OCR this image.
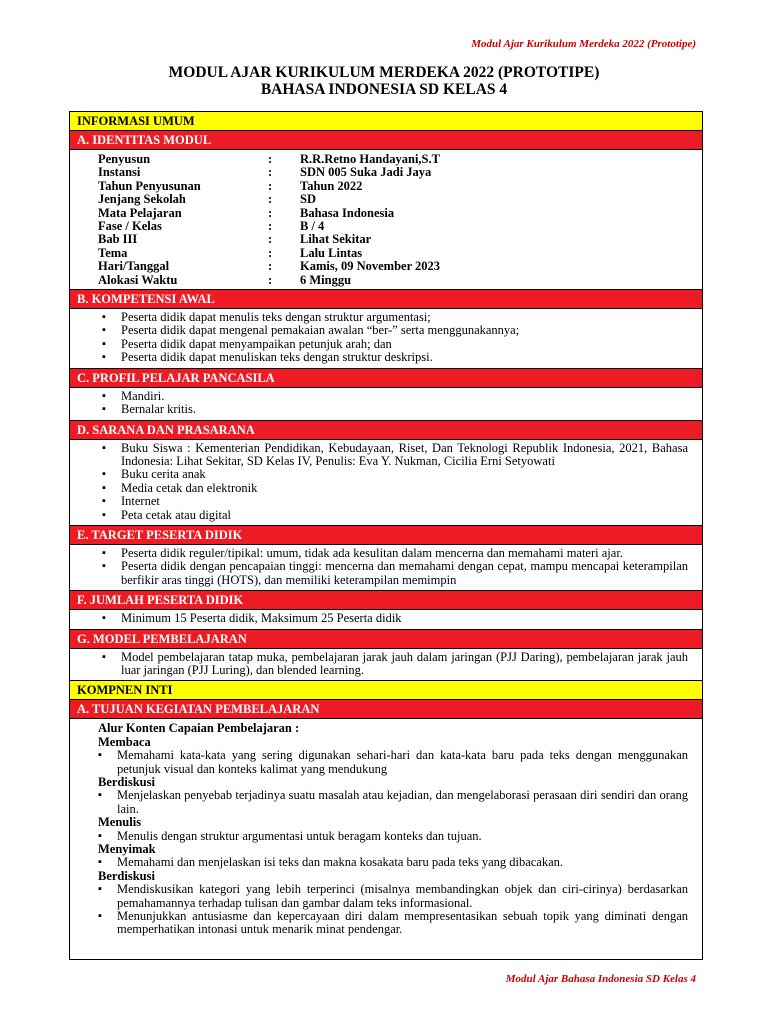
Modul Ajar Kurikulum Merdeka 2022 (Prototipe)
MODUL AJAR KURIKULUM MERDEKA 2022 (PROTOTIPE)
BAHASA INDONESIA SD KELAS 4
INFORMASI UMUM
A. IDENTITAS MODUL
Penyusun	:	R.R.Retno Handayani,S.T
Instansi	:	SDN 005 Suka Jadi Jaya
Tahun Penyusunan	:	Tahun 2022
Jenjang Sekolah	:	SD
Mata Pelajaran	:	Bahasa Indonesia
Fase / Kelas	:	B / 4
Bab III	:	Lihat Sekitar
Tema	:	Lalu Lintas
Hari/Tanggal	:	Kamis, 09 November 2023
Alokasi Waktu	:	6 Minggu
B. KOMPETENSI AWAL
▪ Peserta didik dapat menulis teks dengan struktur argumentasi;
▪ Peserta didik dapat mengenal pemakaian awalan “ber-” serta menggunakannya;
▪ Peserta didik dapat menyampaikan petunjuk arah; dan
▪ Peserta didik dapat menuliskan teks dengan struktur deskripsi.
C. PROFIL PELAJAR PANCASILA
▪ Mandiri.
▪ Bernalar kritis.
D. SARANA DAN PRASARANA
▪ Buku Siswa : Kementerian Pendidikan, Kebudayaan, Riset, Dan Teknologi Republik Indonesia, 2021, Bahasa Indonesia: Lihat Sekitar, SD Kelas IV, Penulis: Eva Y. Nukman, Cicilia Erni Setyowati
▪ Buku cerita anak
▪ Media cetak dan elektronik
▪ Internet
▪ Peta cetak atau digital
E. TARGET PESERTA DIDIK
▪ Peserta didik reguler/tipikal: umum, tidak ada kesulitan dalam mencerna dan memahami materi ajar.
▪ Peserta didik dengan pencapaian tinggi: mencerna dan memahami dengan cepat, mampu mencapai keterampilan berfikir aras tinggi (HOTS), dan memiliki keterampilan memimpin
F. JUMLAH PESERTA DIDIK
▪ Minimum 15 Peserta didik, Maksimum 25 Peserta didik
G. MODEL PEMBELAJARAN
▪ Model pembelajaran tatap muka, pembelajaran jarak jauh dalam jaringan (PJJ Daring), pembelajaran jarak jauh luar jaringan (PJJ Luring), dan blended learning.
KOMPNEN INTI
A. TUJUAN KEGIATAN PEMBELAJARAN
Alur Konten Capaian Pembelajaran :
Membaca
▪ Memahami kata-kata yang sering digunakan sehari-hari dan kata-kata baru pada teks dengan menggunakan petunjuk visual dan konteks kalimat yang mendukung
Berdiskusi
▪ Menjelaskan penyebab terjadinya suatu masalah atau kejadian, dan mengelaborasi perasaan diri sendiri dan orang lain.
Menulis
▪ Menulis dengan struktur argumentasi untuk beragam konteks dan tujuan.
Menyimak
▪ Memahami dan menjelaskan isi teks dan makna kosakata baru pada teks yang dibacakan.
Berdiskusi
▪ Mendiskusikan kategori yang lebih terperinci (misalnya membandingkan objek dan ciri-cirinya) berdasarkan pemahamannya terhadap tulisan dan gambar dalam teks informasional.
▪ Menunjukkan antusiasme dan kepercayaan diri dalam mempresentasikan sebuah topik yang diminati dengan memperhatikan intonasi untuk menarik minat pendengar.
Modul Ajar Bahasa Indonesia SD Kelas 4
